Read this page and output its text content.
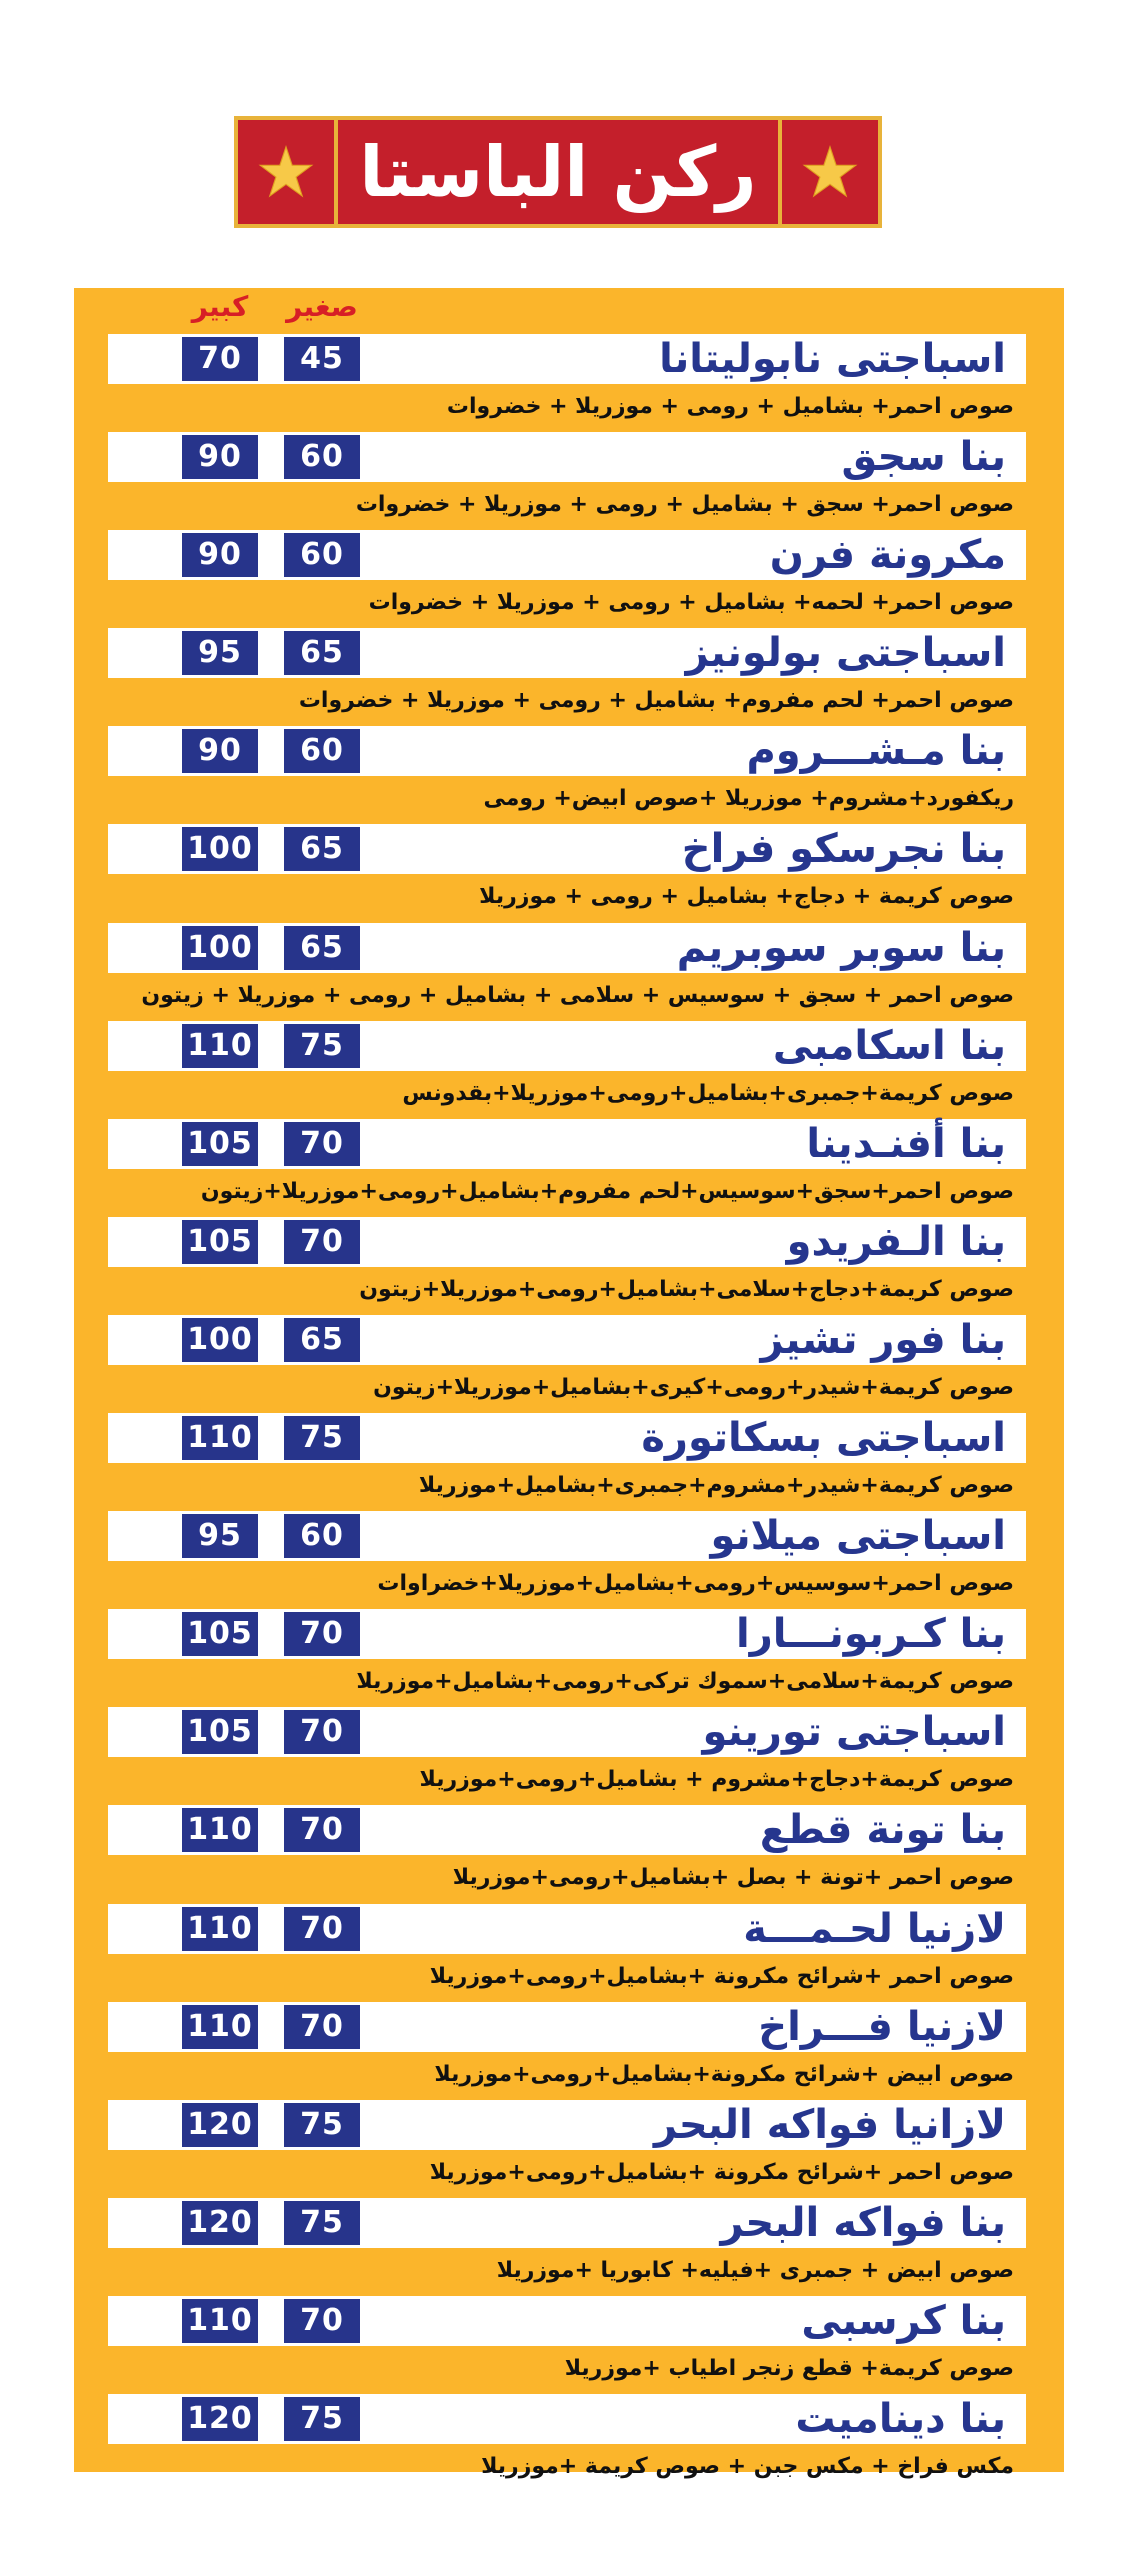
ركن الباستا
كبير	صغير
اسباجتى نابوليتانا
70	45
صوص احمر+ بشاميل + رومى + موزريلا + خضروات
بنا سجق
90	60
صوص احمر+ سجق + بشاميل + رومى + موزريلا + خضروات
مكرونة فرن
90	60
صوص احمر+ لحمه+ بشاميل + رومى + موزريلا + خضروات
اسباجتى بولونيز
95	65
صوص احمر+ لحم مفروم+ بشاميل + رومى + موزريلا + خضروات
بنا مـشـــروم
90	60
ريكفورد+مشروم+ موزريلا +صوص ابيض+ رومى
بنا نجرسكو فراخ
100	65
صوص كريمة + دجاج+ بشاميل + رومى + موزريلا
بنا سوبر سوبريم
100	65
صوص احمر + سجق + سوسيس + سلامى + بشاميل + رومى + موزريلا + زيتون
بنا اسكامبى
110	75
صوص كريمة+جمبرى+بشاميل+رومى+موزريلا+بقدونس
بنا أفنـدينا
105	70
صوص احمر+سجق+سوسيس+لحم مفروم+بشاميل+رومى+موزريلا+زيتون
بنا الـفريدو
105	70
صوص كريمة+دجاج+سلامى+بشاميل+رومى+موزريلا+زيتون
بنا فور تشيز
100	65
صوص كريمة+شيدر+رومى+كيرى+بشاميل+موزريلا+زيتون
اسباجتى بسكاتورة
110	75
صوص كريمة+شيدر+مشروم+جمبرى+بشاميل+موزريلا
اسباجتى ميلانو
95	60
صوص احمر+سوسيس+رومى+بشاميل+موزريلا+خضراوات
بنا كـربونـــارا
105	70
صوص كريمة+سلامى+سموك تركى+رومى+بشاميل+موزريلا
اسباجتى تورينو
105	70
صوص كريمة+دجاج+مشروم + بشاميل+رومى+موزريلا
بنا تونة قطع
110	70
صوص احمر +تونة + بصل +بشاميل+رومى+موزريلا
لازنيا لحـمـــة
110	70
صوص احمر +شرائح مكرونة +بشاميل+رومى+موزريلا
لازنيا فـــراخ
110	70
صوص ابيض +شرائح مكرونة+بشاميل+رومى+موزريلا
لازانيا فواكه البحر
120	75
صوص احمر +شرائح مكرونة +بشاميل+رومى+موزريلا
بنا فواكه البحر
120	75
صوص ابيض + جمبرى +فيليه+ كابوريا +موزريلا
بنا كرسبى
110	70
صوص كريمة+ قطع زنجر اطياب +موزريلا
بنا ديناميت
120	75
مكس فراخ + مكس جبن + صوص كريمة +موزريلا
